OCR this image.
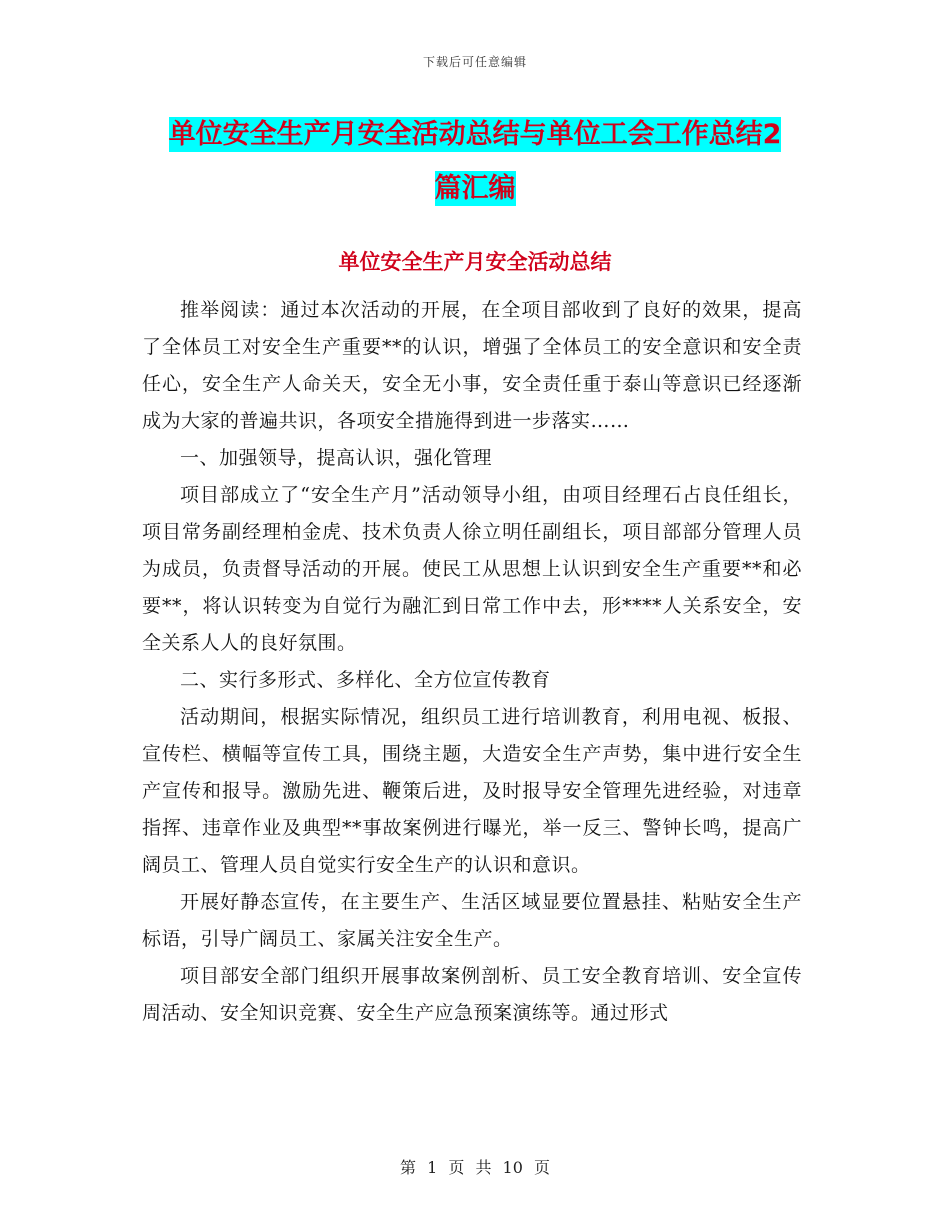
下载后可任意编辑
单位安全生产月安全活动总结与单位工会工作总结2
篇汇编
单位安全生产月安全活动总结

推举阅读：通过本次活动的开展，在全项目部收到了良好的效果，提高了全体员工对安全生产重要**的认识，增强了全体员工的安全意识和安全责任心，安全生产人命关天，安全无小事，安全责任重于泰山等意识已经逐渐成为大家的普遍共识，各项安全措施得到进一步落实……

一、加强领导，提高认识，强化管理

项目部成立了“安全生产月”活动领导小组，由项目经理石占良任组长，项目常务副经理柏金虎、技术负责人徐立明任副组长，项目部部分管理人员为成员，负责督导活动的开展。使民工从思想上认识到安全生产重要**和必要**，将认识转变为自觉行为融汇到日常工作中去，形****人关系安全，安全关系人人的良好氛围。

二、实行多形式、多样化、全方位宣传教育

活动期间，根据实际情况，组织员工进行培训教育，利用电视、板报、宣传栏、横幅等宣传工具，围绕主题，大造安全生产声势，集中进行安全生产宣传和报导。激励先进、鞭策后进，及时报导安全管理先进经验，对违章指挥、违章作业及典型**事故案例进行曝光，举一反三、警钟长鸣，提高广阔员工、管理人员自觉实行安全生产的认识和意识。

开展好静态宣传，在主要生产、生活区域显要位置悬挂、粘贴安全生产标语，引导广阔员工、家属关注安全生产。

项目部安全部门组织开展事故案例剖析、员工安全教育培训、安全宣传周活动、安全知识竞赛、安全生产应急预案演练等。通过形式

第 1 页 共 10 页
